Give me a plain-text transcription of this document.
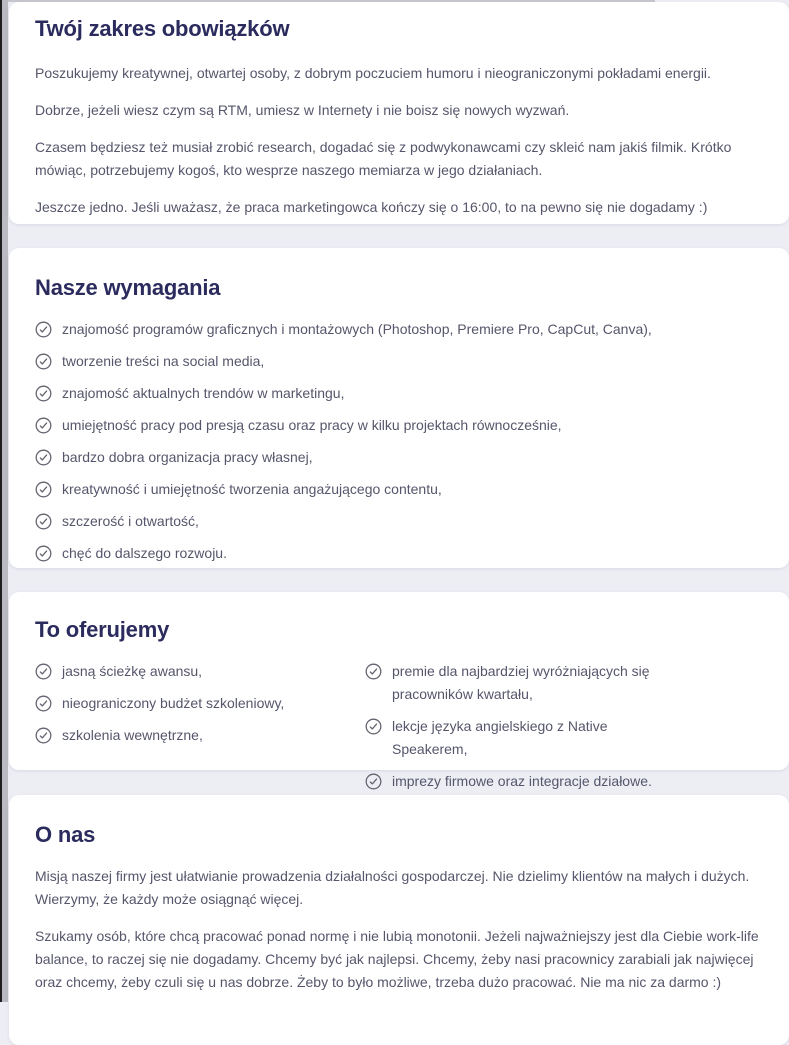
Twój zakres obowiązków

Poszukujemy kreatywnej, otwartej osoby, z dobrym poczuciem humoru i nieograniczonymi pokładami energii.

Dobrze, jeżeli wiesz czym są RTM, umiesz w Internety i nie boisz się nowych wyzwań.

Czasem będziesz też musiał zrobić research, dogadać się z podwykonawcami czy skleić nam jakiś filmik. Krótko mówiąc, potrzebujemy kogoś, kto wesprze naszego memiarza w jego działaniach.

Jeszcze jedno. Jeśli uważasz, że praca marketingowca kończy się o 16:00, to na pewno się nie dogadamy :)

Nasze wymagania
znajomość programów graficznych i montażowych (Photoshop, Premiere Pro, CapCut, Canva),
tworzenie treści na social media,
znajomość aktualnych trendów w marketingu,
umiejętność pracy pod presją czasu oraz pracy w kilku projektach równocześnie,
bardzo dobra organizacja pracy własnej,
kreatywność i umiejętność tworzenia angażującego contentu,
szczerość i otwartość,
chęć do dalszego rozwoju.
To oferujemy
jasną ścieżkę awansu,
nieograniczony budżet szkoleniowy,
szkolenia wewnętrzne,
premie dla najbardziej wyróżniających się pracowników kwartału,
lekcje języka angielskiego z Native Speakerem,
imprezy firmowe oraz integracje działowe.
O nas

Misją naszej firmy jest ułatwianie prowadzenia działalności gospodarczej. Nie dzielimy klientów na małych i dużych. Wierzymy, że każdy może osiągnąć więcej.

Szukamy osób, które chcą pracować ponad normę i nie lubią monotonii. Jeżeli najważniejszy jest dla Ciebie work-life balance, to raczej się nie dogadamy. Chcemy być jak najlepsi. Chcemy, żeby nasi pracownicy zarabiali jak najwięcej oraz chcemy, żeby czuli się u nas dobrze. Żeby to było możliwe, trzeba dużo pracować. Nie ma nic za darmo :)
